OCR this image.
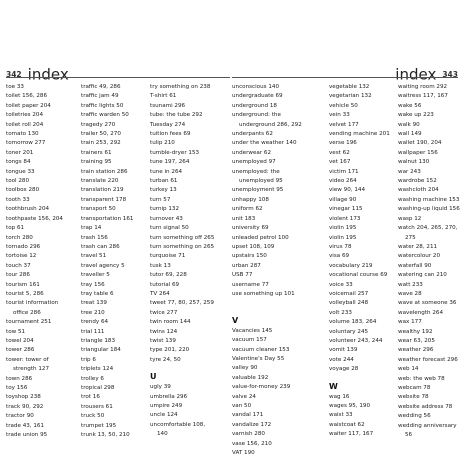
342 index
toe 33
toilet 156, 286
toilet paper 204
toiletries 204
toilet roll 204
tomato 130
tomorrow 277
toner 201
tongs 84
tongue 33
tool 280
toolbox 280
tooth 33
toothbrush 204
toothpaste 156, 204
top 61
torch 280
tornado 296
tortoise 12
touch 37
tour 286
tourism 161
tourist 5, 286
tourist information
office 286
tournament 251
tow 51
towel 204
tower 286
tower: tower of
strength 127
town 286
toy 156
toyshop 238
track 90, 292
tractor 90
trade 43, 161
trade union 95
traffic 49, 286
traffic jam 49
traffic lights 50
traffic warden 50
tragedy 270
trailer 50, 270
train 253, 292
trainers 61
training 95
train station 286
translate 220
translation 219
transparent 178
transport 50
transportation 161
trap 14
trash 156
trash can 286
travel 51
travel agency 5
traveller 5
tray 156
tray table 6
treat 139
tree 210
trendy 64
trial 111
triangle 183
triangular 184
trip 6
triplets 124
trolley 6
tropical 298
trot 16
trousers 61
truck 50
trumpet 195
trunk 13, 50, 210
try something on 238
T-shirt 61
tsunami 296
tube: the tube 292
Tuesday 274
tuition fees 69
tulip 210
tumble-dryer 153
tune 197, 264
tune in 264
turban 61
turkey 13
turn 57
turnip 132
turnover 43
turn signal 50
turn something off 265
turn something on 265
turquoise 71
tusk 13
tutor 69, 228
tutorial 69
TV 264
tweet 77, 80, 257, 259
twice 277
twin room 144
twins 124
twist 139
type 201, 220
tyre 24, 50
U
ugly 39
umbrella 296
umpire 249
uncle 124
uncomfortable 108,
140
index 343
unconscious 140
undergraduate 69
underground 18
underground: the
underground 286, 292
underpants 62
under the weather 140
underwear 62
unemployed 97
unemployed: the
unemployed 95
unemployment 95
unhappy 108
uniform 62
unit 183
university 69
unleaded petrol 100
upset 108, 109
upstairs 150
urban 287
USB 77
username 77
use something up 101
V
Vacancies 145
vacuum 157
vacuum cleaner 153
Valentine's Day 55
valley 90
valuable 192
value-for-money 239
valve 24
van 50
vandal 171
vandalize 172
varnish 280
vase 156, 210
VAT 190
vegetable 132
vegetarian 132
vehicle 50
vein 33
velvet 177
vending machine 201
verse 196
vest 62
vet 167
victim 171
video 264
view 90, 144
village 90
vinegar 115
violent 173
violin 195
violin 195
virus 78
visa 69
vocabulary 219
vocational course 69
voice 33
voicemail 257
volleyball 248
volt 233
volume 183, 264
voluntary 245
volunteer 243, 244
vomit 139
vote 244
voyage 28
W
wag 16
wages 95, 190
waist 33
waistcoat 62
waiter 117, 167
waiting room 292
waitress 117, 167
wake 56
wake up 223
walk 90
wall 149
wallet 190, 204
wallpaper 156
walnut 130
war 243
wardrobe 152
washcloth 204
washing machine 153
washing-up liquid 156
wasp 12
watch 204, 265, 270,
275
water 28, 211
watercolour 20
waterfall 90
watering can 210
watt 233
wave 28
wave at someone 36
wavelength 264
wax 177
wealthy 192
wear 63, 205
weather 296
weather forecast 296
web 14
web: the web 78
webcam 78
website 78
website address 78
wedding 56
wedding anniversary
56
